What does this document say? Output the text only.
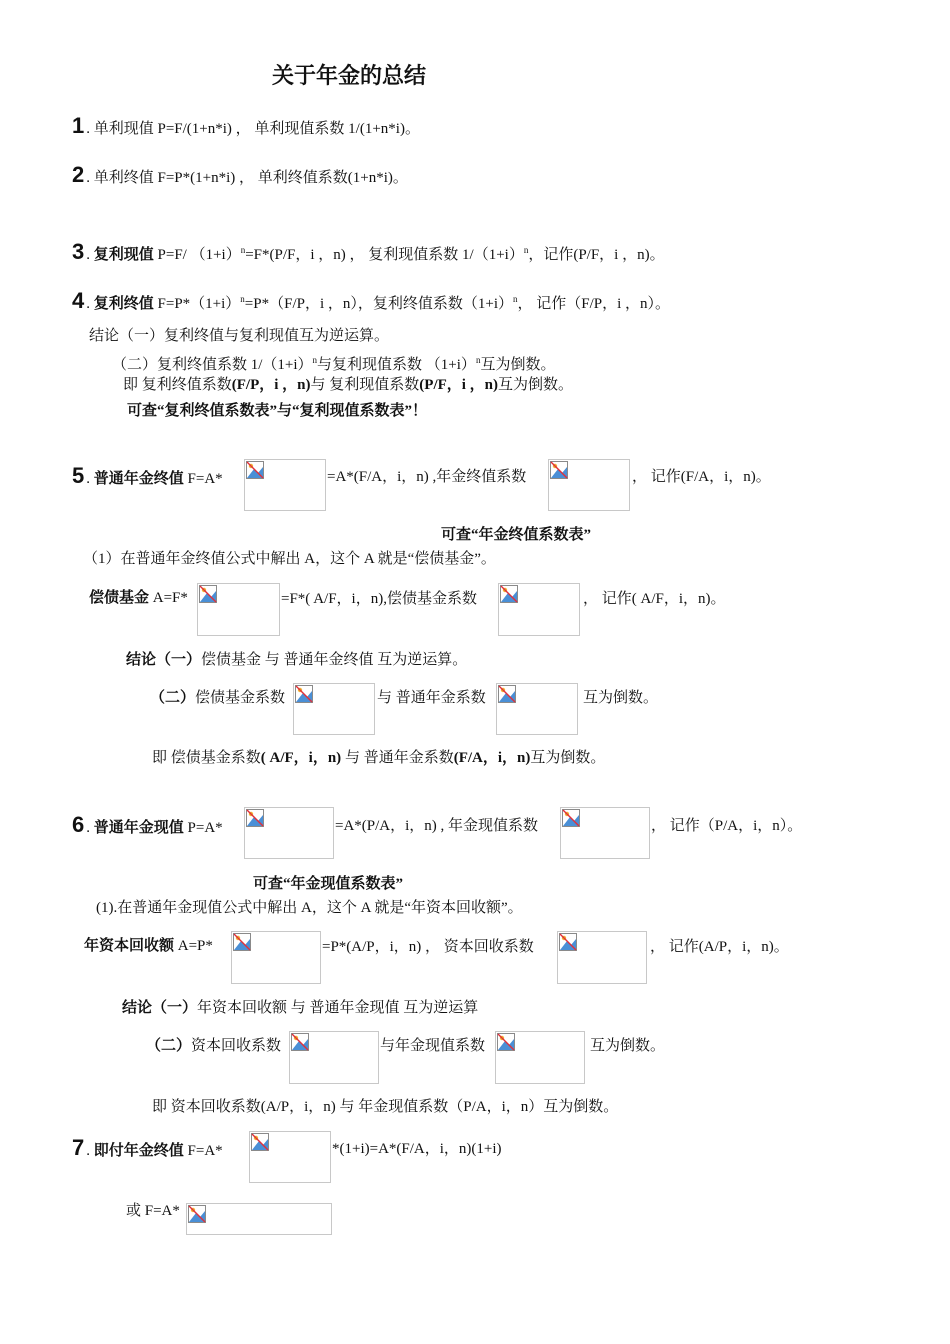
关于年金的总结
1 . 单利现值 P=F/(1+n*i) ， 单利现值系数 1/(1+n*i)。
2 . 单利终值 F=P*(1+n*i) ， 单利终值系数(1+n*i)。
3 . 复利现值 P=F/ $(1+i)^n=F*(P/F$，i ，n) ， 复利现值系数 $1/(1+i)^n$，记作(P/F，i ，n)。
4 . 复利终值 $F=P*(1+i)^n=P*(F/P$，i ，n），复利终值系数$(1+i)^n$， 记作（F/P，i ，n）。
结论（一）复利终值与复利现值互为逆运算。
（二）复利终值系数 $1/(1+i)^n$与复利现值系数 $(1+i)^n$互为倒数。
即 复利终值系数(F/P，i ，n)与 复利现值系数(P/F，i ，n)互为倒数。
可查“复利终值系数表”与“复利现值系数表”！
5 . 普通年金终值 F=A*	=A*(F/A，i，n) ,年金终值系数	， 记作(F/A，i，n)。
可查“年金终值系数表”
（1）在普通年金终值公式中解出 A，这个 A 就是“偿债基金”。
偿债基金 A=F*	=F*( A/F，i，n),偿债基金系数	， 记作( A/F，i，n)。
结论（一）偿债基金 与 普通年金终值 互为逆运算。
（二）偿债基金系数	与 普通年金系数	互为倒数。
即 偿债基金系数( A/F，i，n) 与 普通年金系数(F/A，i，n)互为倒数。
6 . 普通年金现值 P=A*	=A*(P/A，i，n) , 年金现值系数	， 记作（P/A，i，n）。
可查“年金现值系数表”
(1).在普通年金现值公式中解出 A，这个 A 就是“年资本回收额”。
年资本回收额 A=P*	=P*(A/P，i，n) ， 资本回收系数	， 记作(A/P，i，n)。
结论（一）年资本回收额 与 普通年金现值 互为逆运算
（二）资本回收系数	与年金现值系数	互为倒数。
即 资本回收系数(A/P，i，n) 与 年金现值系数（P/A，i，n）互为倒数。
7 . 即付年金终值 F=A*	*(1+i)=A*(F/A，i，n)(1+i)
或 F=A*
